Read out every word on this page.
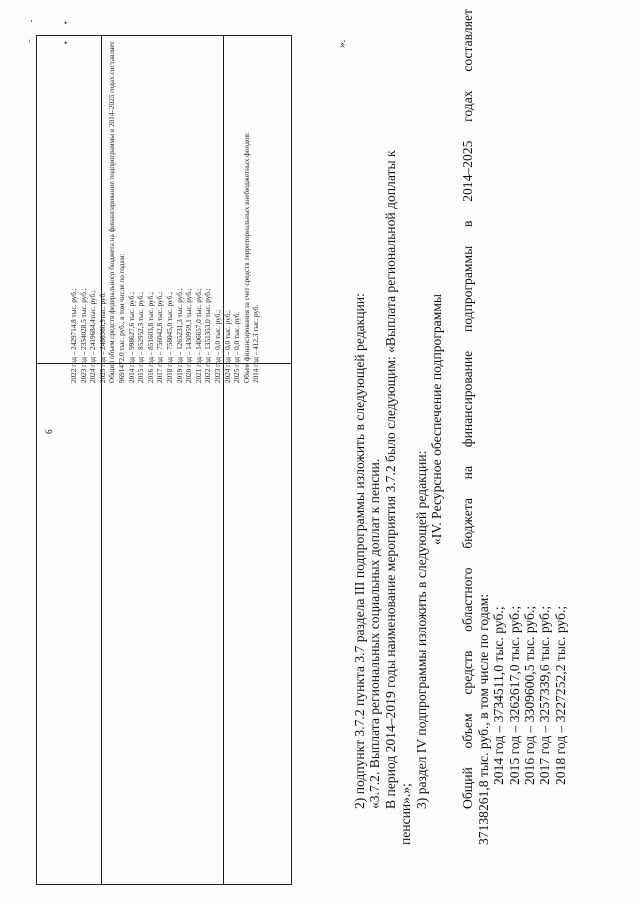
‘	•
‘	•
6
2022 год – 2429714,8 тыс. руб.; 2023 год – 2354028,5 тыс. руб.; 2024 год – 2419684,4тыс. руб.; 2025 год – 2486360,9тыс. руб. Общий объем средств федерального бюджета на финансирование подпрограммы в 2014–2025 годах составляет 9691472,0 тыс. руб., в том числе по годам: 2014 год – 998627,6 тыс. руб.; 2015 год – 852952,3 тыс. руб.; 2016 год – 851603,8 тыс. руб.; 2017 год – 756042,8 тыс. руб.; 2018 год – 758045,0 тыс. руб.; 2019 год – 1265231,3 тыс. руб.; 2020 год – 1430959,1 тыс. руб.; 2021 год – 1406657,0 тыс. руб.; 2022 год – 1351353,0 тыс. руб.; 2023 год – 0,0 тыс. руб.; 2024 год – 0,0 тыс. руб.; 2025 год – 0,0 тыс. руб. Объем финансирования за счет средств территориальных внебюджетных фондов: 2014 год – 412,3 тыс. руб.
».
2) подпункт 3.7.2 пункта 3.7 раздела III подпрограммы изложить в следующей редакции: «3.7.2. Выплата региональных социальных доплат к пенсии. В период 2014–2019 годы наименование мероприятия 3.7.2 было следующим: «Выплата региональной доплаты к
пенсии».»;
3) раздел IV подпрограммы изложить в следующей редакции:
«IV. Ресурсное обеспечение подпрограммы
Общий
объем
средств
областного
бюджета
на
финансирование
подпрограммы
в
2014–2025
годах
составляет
37138261,8 тыс. руб., в том числе по годам: 2014 год – 3734511,0 тыс. руб.; 2015 год – 3262617,0 тыс. руб.; 2016 год – 3309600,5 тыс. руб.; 2017 год – 3257339,6 тыс. руб.; 2018 год – 3227252,2 тыс. руб.;
